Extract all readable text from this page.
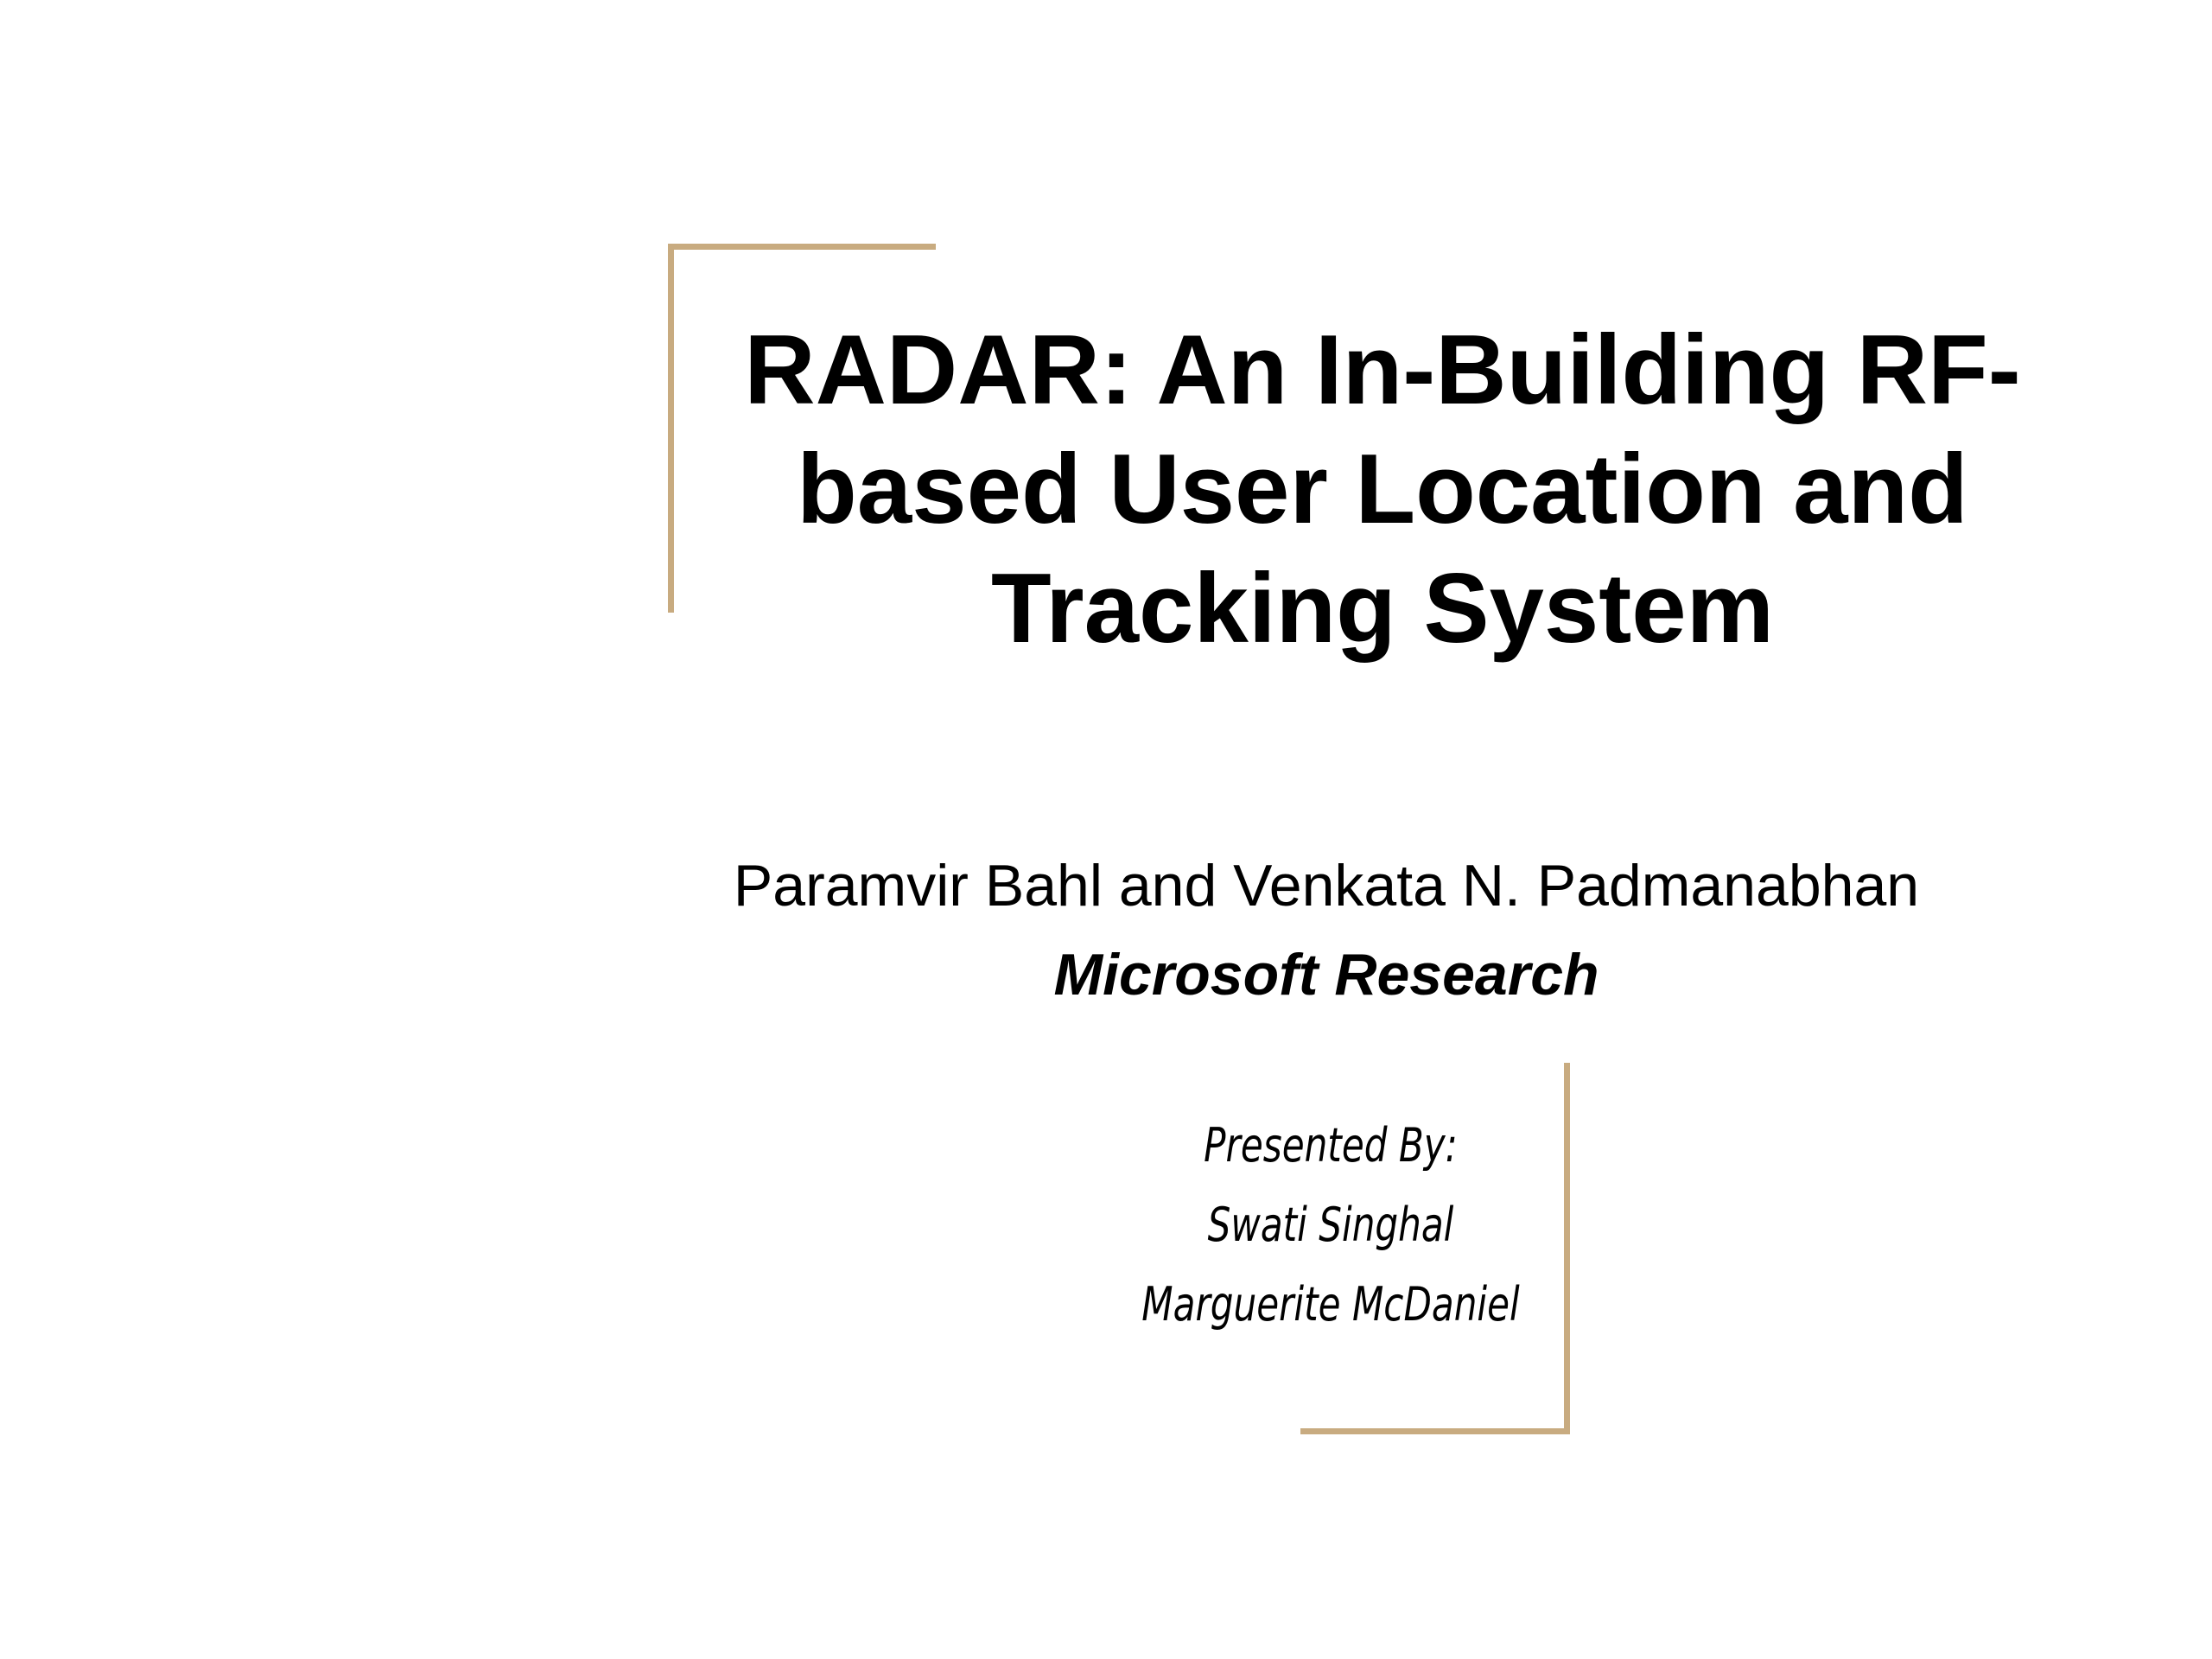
RADAR: An In-Building RF-
based User Location and
Tracking System

Paramvir Bahl and Venkata N. Padmanabhan

Microsoft Research

Presented By:
Swati Singhal
Marguerite McDaniel
